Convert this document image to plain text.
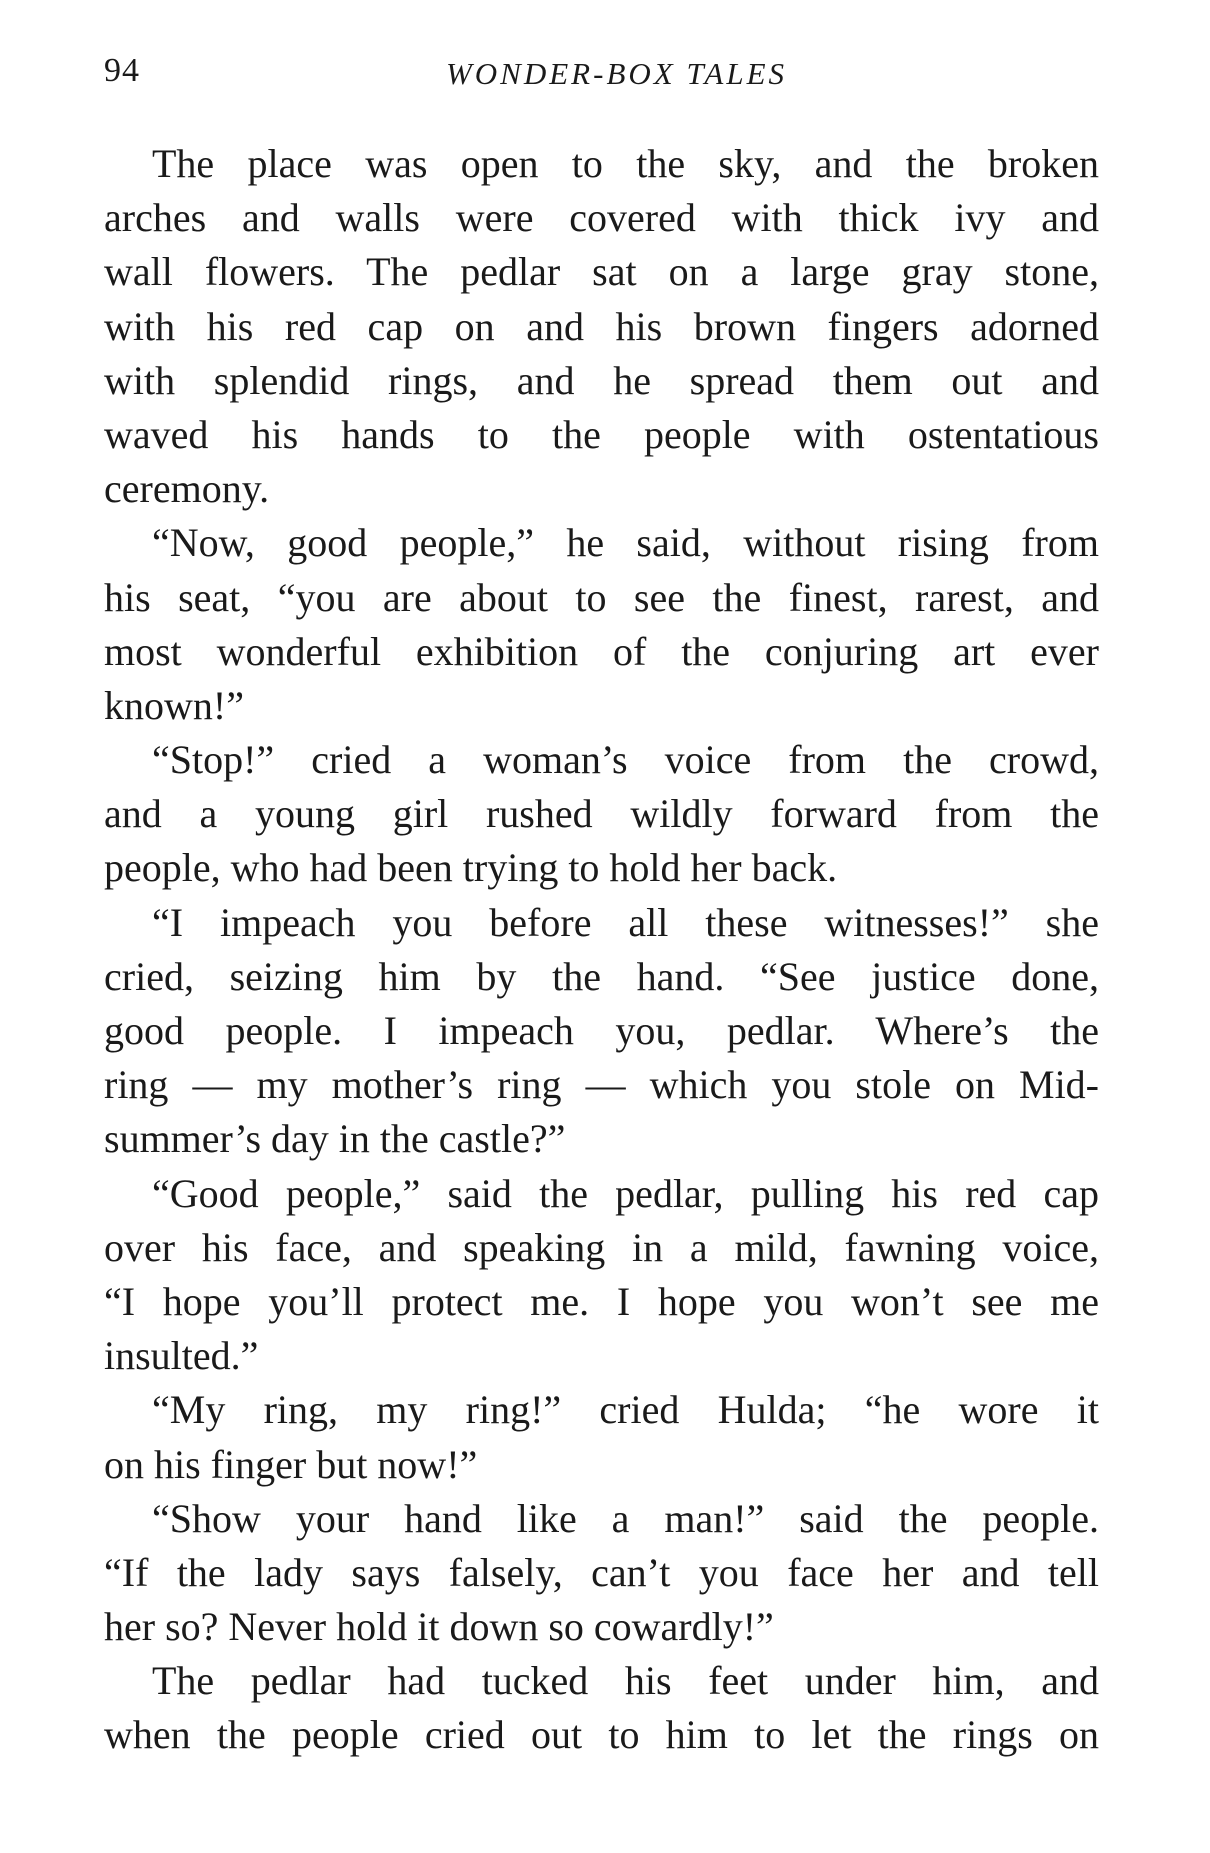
94	WONDER-BOX TALES
The place was open to the sky, and the broken
arches and walls were covered with thick ivy and
wall flowers. The pedlar sat on a large gray stone,
with his red cap on and his brown fingers adorned
with splendid rings, and he spread them out and
waved his hands to the people with ostentatious
ceremony.
“Now, good people,” he said, without rising from
his seat, “you are about to see the finest, rarest, and
most wonderful exhibition of the conjuring art ever
known!”
“Stop!” cried a woman’s voice from the crowd,
and a young girl rushed wildly forward from the
people, who had been trying to hold her back.
“I impeach you before all these witnesses!” she
cried, seizing him by the hand. “See justice done,
good people. I impeach you, pedlar. Where’s the
ring — my mother’s ring — which you stole on Mid-
summer’s day in the castle?”
“Good people,” said the pedlar, pulling his red cap
over his face, and speaking in a mild, fawning voice,
“I hope you’ll protect me. I hope you won’t see me
insulted.”
“My ring, my ring!” cried Hulda; “he wore it
on his finger but now!”
“Show your hand like a man!” said the people.
“If the lady says falsely, can’t you face her and tell
her so? Never hold it down so cowardly!”
The pedlar had tucked his feet under him, and
when the people cried out to him to let the rings on
